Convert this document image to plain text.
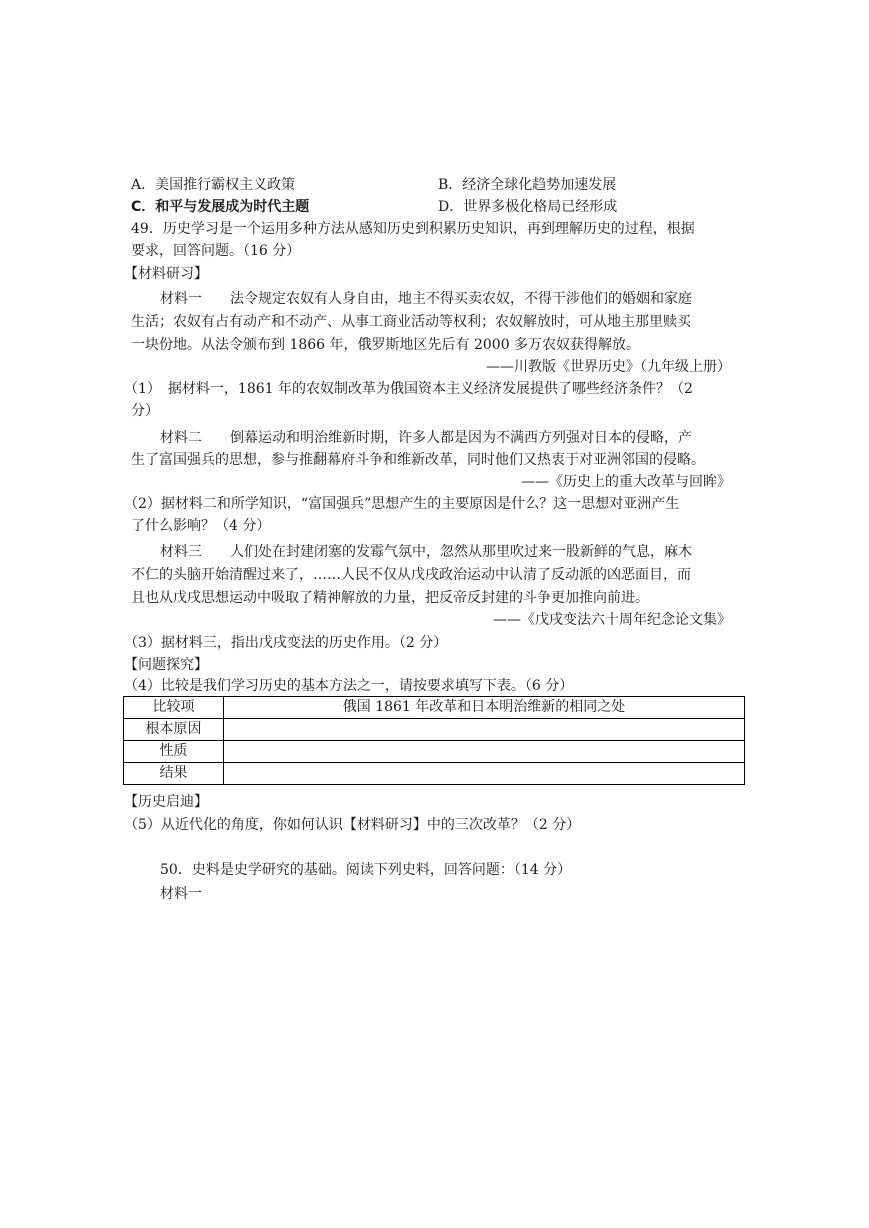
A．美国推行霸权主义政策	B．经济全球化趋势加速发展
C．和平与发展成为时代主题	D．世界多极化格局已经形成
49．历史学习是一个运用多种方法从感知历史到积累历史知识，再到理解历史的过程，根据
要求，回答问题。（16 分）
【材料研习】
材料一　　法令规定农奴有人身自由，地主不得买卖农奴，不得干涉他们的婚姻和家庭
生活；农奴有占有动产和不动产、从事工商业活动等权利；农奴解放时，可从地主那里赎买
一块份地。从法令颁布到 1866 年，俄罗斯地区先后有 2000 多万农奴获得解放。
——川教版《世界历史》（九年级上册）
（1）　据材料一，1861 年的农奴制改革为俄国资本主义经济发展提供了哪些经济条件？（2
分）
材料二　　倒幕运动和明治维新时期，许多人都是因为不满西方列强对日本的侵略，产
生了富国强兵的思想，参与推翻幕府斗争和维新改革，同时他们又热衷于对亚洲邻国的侵略。
——《历史上的重大改革与回眸》
（2）据材料二和所学知识，“富国强兵”思想产生的主要原因是什么？这一思想对亚洲产生
了什么影响？（4 分）
材料三　　人们处在封建闭塞的发霉气氛中，忽然从那里吹过来一股新鲜的气息，麻木
不仁的头脑开始清醒过来了，……人民不仅从戊戌政治运动中认清了反动派的凶恶面目，而
且也从戊戌思想运动中吸取了精神解放的力量，把反帝反封建的斗争更加推向前进。
——《戊戌变法六十周年纪念论文集》
（3）据材料三，指出戊戌变法的历史作用。（2 分）
【问题探究】
（4）比较是我们学习历史的基本方法之一，请按要求填写下表。（6 分）
比较项	俄国 1861 年改革和日本明治维新的相同之处
根本原因	
性质	
结果	
【历史启迪】
（5）从近代化的角度，你如何认识【材料研习】中的三次改革？（2 分）
50．史料是史学研究的基础。阅读下列史料，回答问题：（14 分）
材料一
